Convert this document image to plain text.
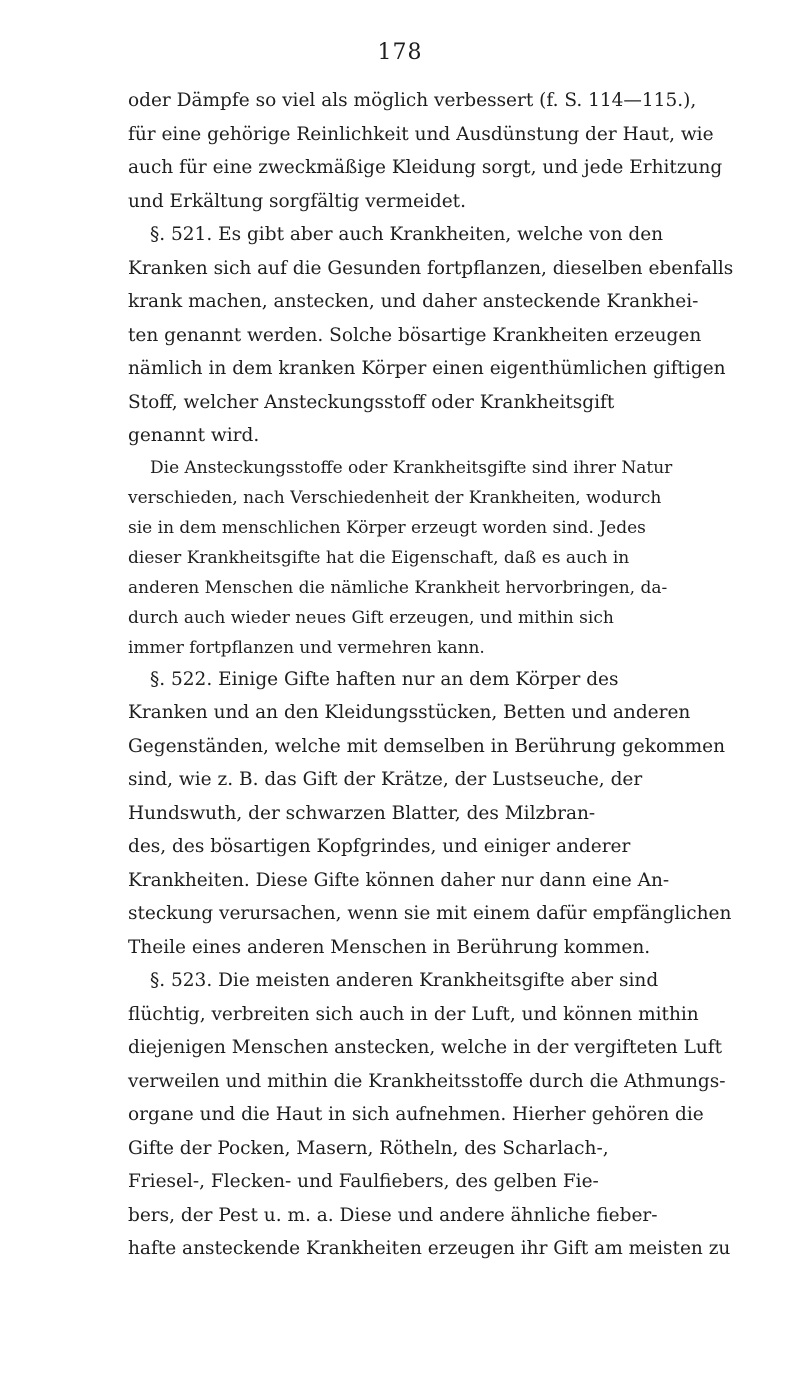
178
oder Dämpfe so viel als möglich verbessert (f. S. 114—115.),
für eine gehörige Reinlichkeit und Ausdünstung der Haut, wie
auch für eine zweckmäßige Kleidung sorgt, und jede Erhitzung
und Erkältung sorgfältig vermeidet.
§. 521. Es gibt aber auch Krankheiten, welche von den
Kranken sich auf die Gesunden fortpflanzen, dieselben ebenfalls
krank machen, anstecken, und daher ansteckende Krankhei-
ten genannt werden. Solche bösartige Krankheiten erzeugen
nämlich in dem kranken Körper einen eigenthümlichen giftigen
Stoff, welcher Ansteckungsstoff oder Krankheitsgift
genannt wird.
Die Ansteckungsstoffe oder Krankheitsgifte sind ihrer Natur
verschieden, nach Verschiedenheit der Krankheiten, wodurch
sie in dem menschlichen Körper erzeugt worden sind. Jedes
dieser Krankheitsgifte hat die Eigenschaft, daß es auch in
anderen Menschen die nämliche Krankheit hervorbringen, da-
durch auch wieder neues Gift erzeugen, und mithin sich
immer fortpflanzen und vermehren kann.
§. 522. Einige Gifte haften nur an dem Körper des
Kranken und an den Kleidungsstücken, Betten und anderen
Gegenständen, welche mit demselben in Berührung gekommen
sind, wie z. B. das Gift der Krätze, der Lustseuche, der
Hundswuth, der schwarzen Blatter, des Milzbran-
des, des bösartigen Kopfgrindes, und einiger anderer
Krankheiten. Diese Gifte können daher nur dann eine An-
steckung verursachen, wenn sie mit einem dafür empfänglichen
Theile eines anderen Menschen in Berührung kommen.
§. 523. Die meisten anderen Krankheitsgifte aber sind
flüchtig, verbreiten sich auch in der Luft, und können mithin
diejenigen Menschen anstecken, welche in der vergifteten Luft
verweilen und mithin die Krankheitsstoffe durch die Athmungs-
organe und die Haut in sich aufnehmen. Hierher gehören die
Gifte der Pocken, Masern, Rötheln, des Scharlach-,
Friesel-, Flecken- und Faulfiebers, des gelben Fie-
bers, der Pest u. m. a. Diese und andere ähnliche fieber-
hafte ansteckende Krankheiten erzeugen ihr Gift am meisten zu
